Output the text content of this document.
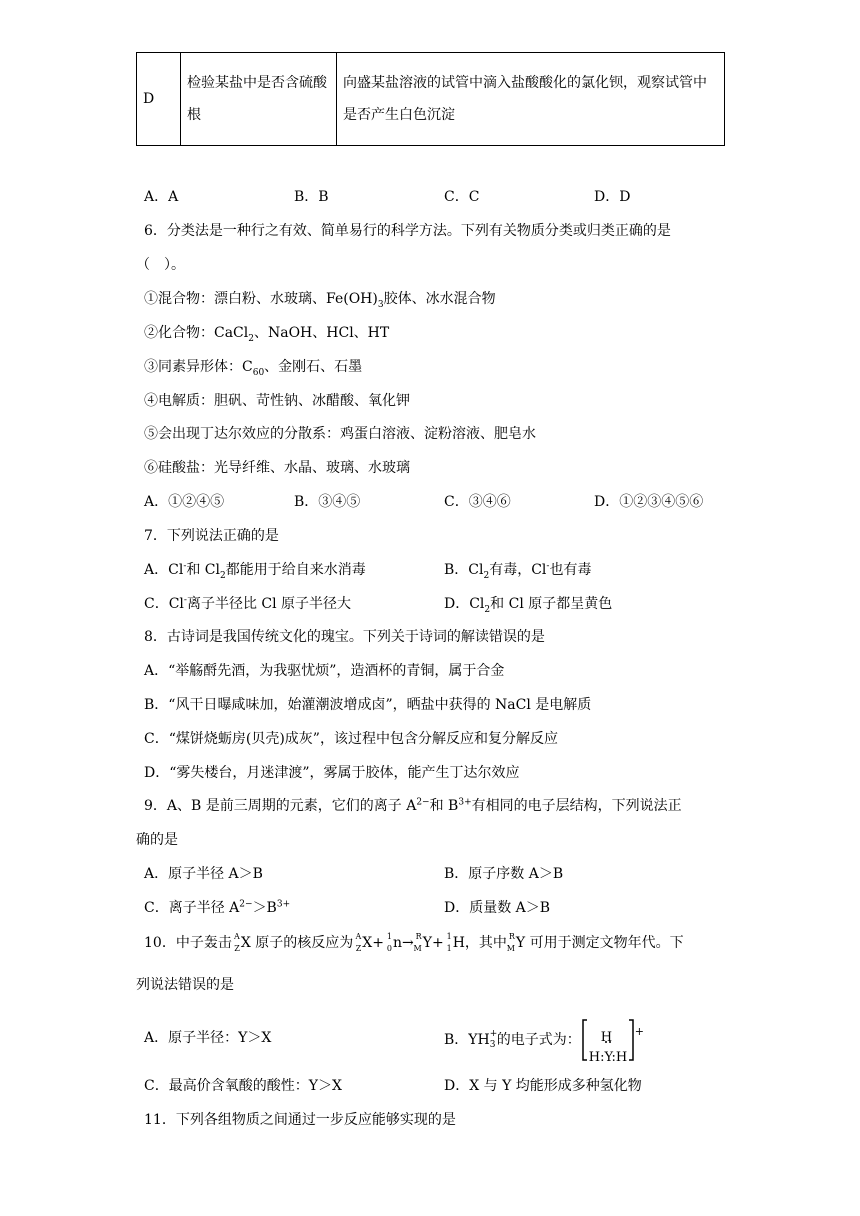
D	检验某盐中是否含硫酸根	向盛某盐溶液的试管中滴入盐酸酸化的氯化钡，观察试管中是否产生白色沉淀
A．A	B．B	C．C	D．D
6．分类法是一种行之有效、简单易行的科学方法。下列有关物质分类或归类正确的是
（　）。
①混合物：漂白粉、水玻璃、$Fe(OH)_3$胶体、冰水混合物
②化合物：CaCl$_2$、NaOH、HCl、HT
③同素异形体：$C_{60}$、金刚石、石墨
④电解质：胆矾、苛性钠、冰醋酸、氧化钾
⑤会出现丁达尔效应的分散系：鸡蛋白溶液、淀粉溶液、肥皂水
⑥硅酸盐：光导纤维、水晶、玻璃、水玻璃
A．①②④⑤	B．③④⑤	C．③④⑥	D．①②③④⑤⑥
7．下列说法正确的是
A．Cl-和 $Cl_2$都能用于给自来水消毒	B．$Cl_2$有毒，Cl-也有毒
C．Cl-离子半径比 Cl 原子半径大	D．$Cl_2$和 Cl 原子都呈黄色
8．古诗词是我国传统文化的瑰宝。下列关于诗词的解读错误的是
A．“举觞酹先酒，为我驱忧烦”，造酒杯的青铜，属于合金
B．“风干日曝咸味加，始灌潮波增成卤”，晒盐中获得的 NaCl 是电解质
C．“煤饼烧蛎房(贝壳)成灰”，该过程中包含分解反应和复分解反应
D．“雾失楼台，月迷津渡”，雾属于胶体，能产生丁达尔效应
9．A、B 是前三周期的元素，它们的离子 $A^{2-}$和 $B^{3+}$有相同的电子层结构，下列说法正
确的是
A．原子半径 A＞B	B．原子序数 A＞B
C．离子半径 $A^{2-}>B^{3+}$	D．质量数 A＞B
10．中子轰击 A
Z X 原子的核反应为 A
Z X+ 1
0 n→ R
M Y+ 1
1 H，其中 R
M Y 可用于测定文物年代。下
列说法错误的是
A．原子半径：Y＞X	B．YH +
3 的电子式为： H
H:Y:H
+
C．最高价含氧酸的酸性：Y＞X	D．X 与 Y 均能形成多种氢化物
11．下列各组物质之间通过一步反应能够实现的是
